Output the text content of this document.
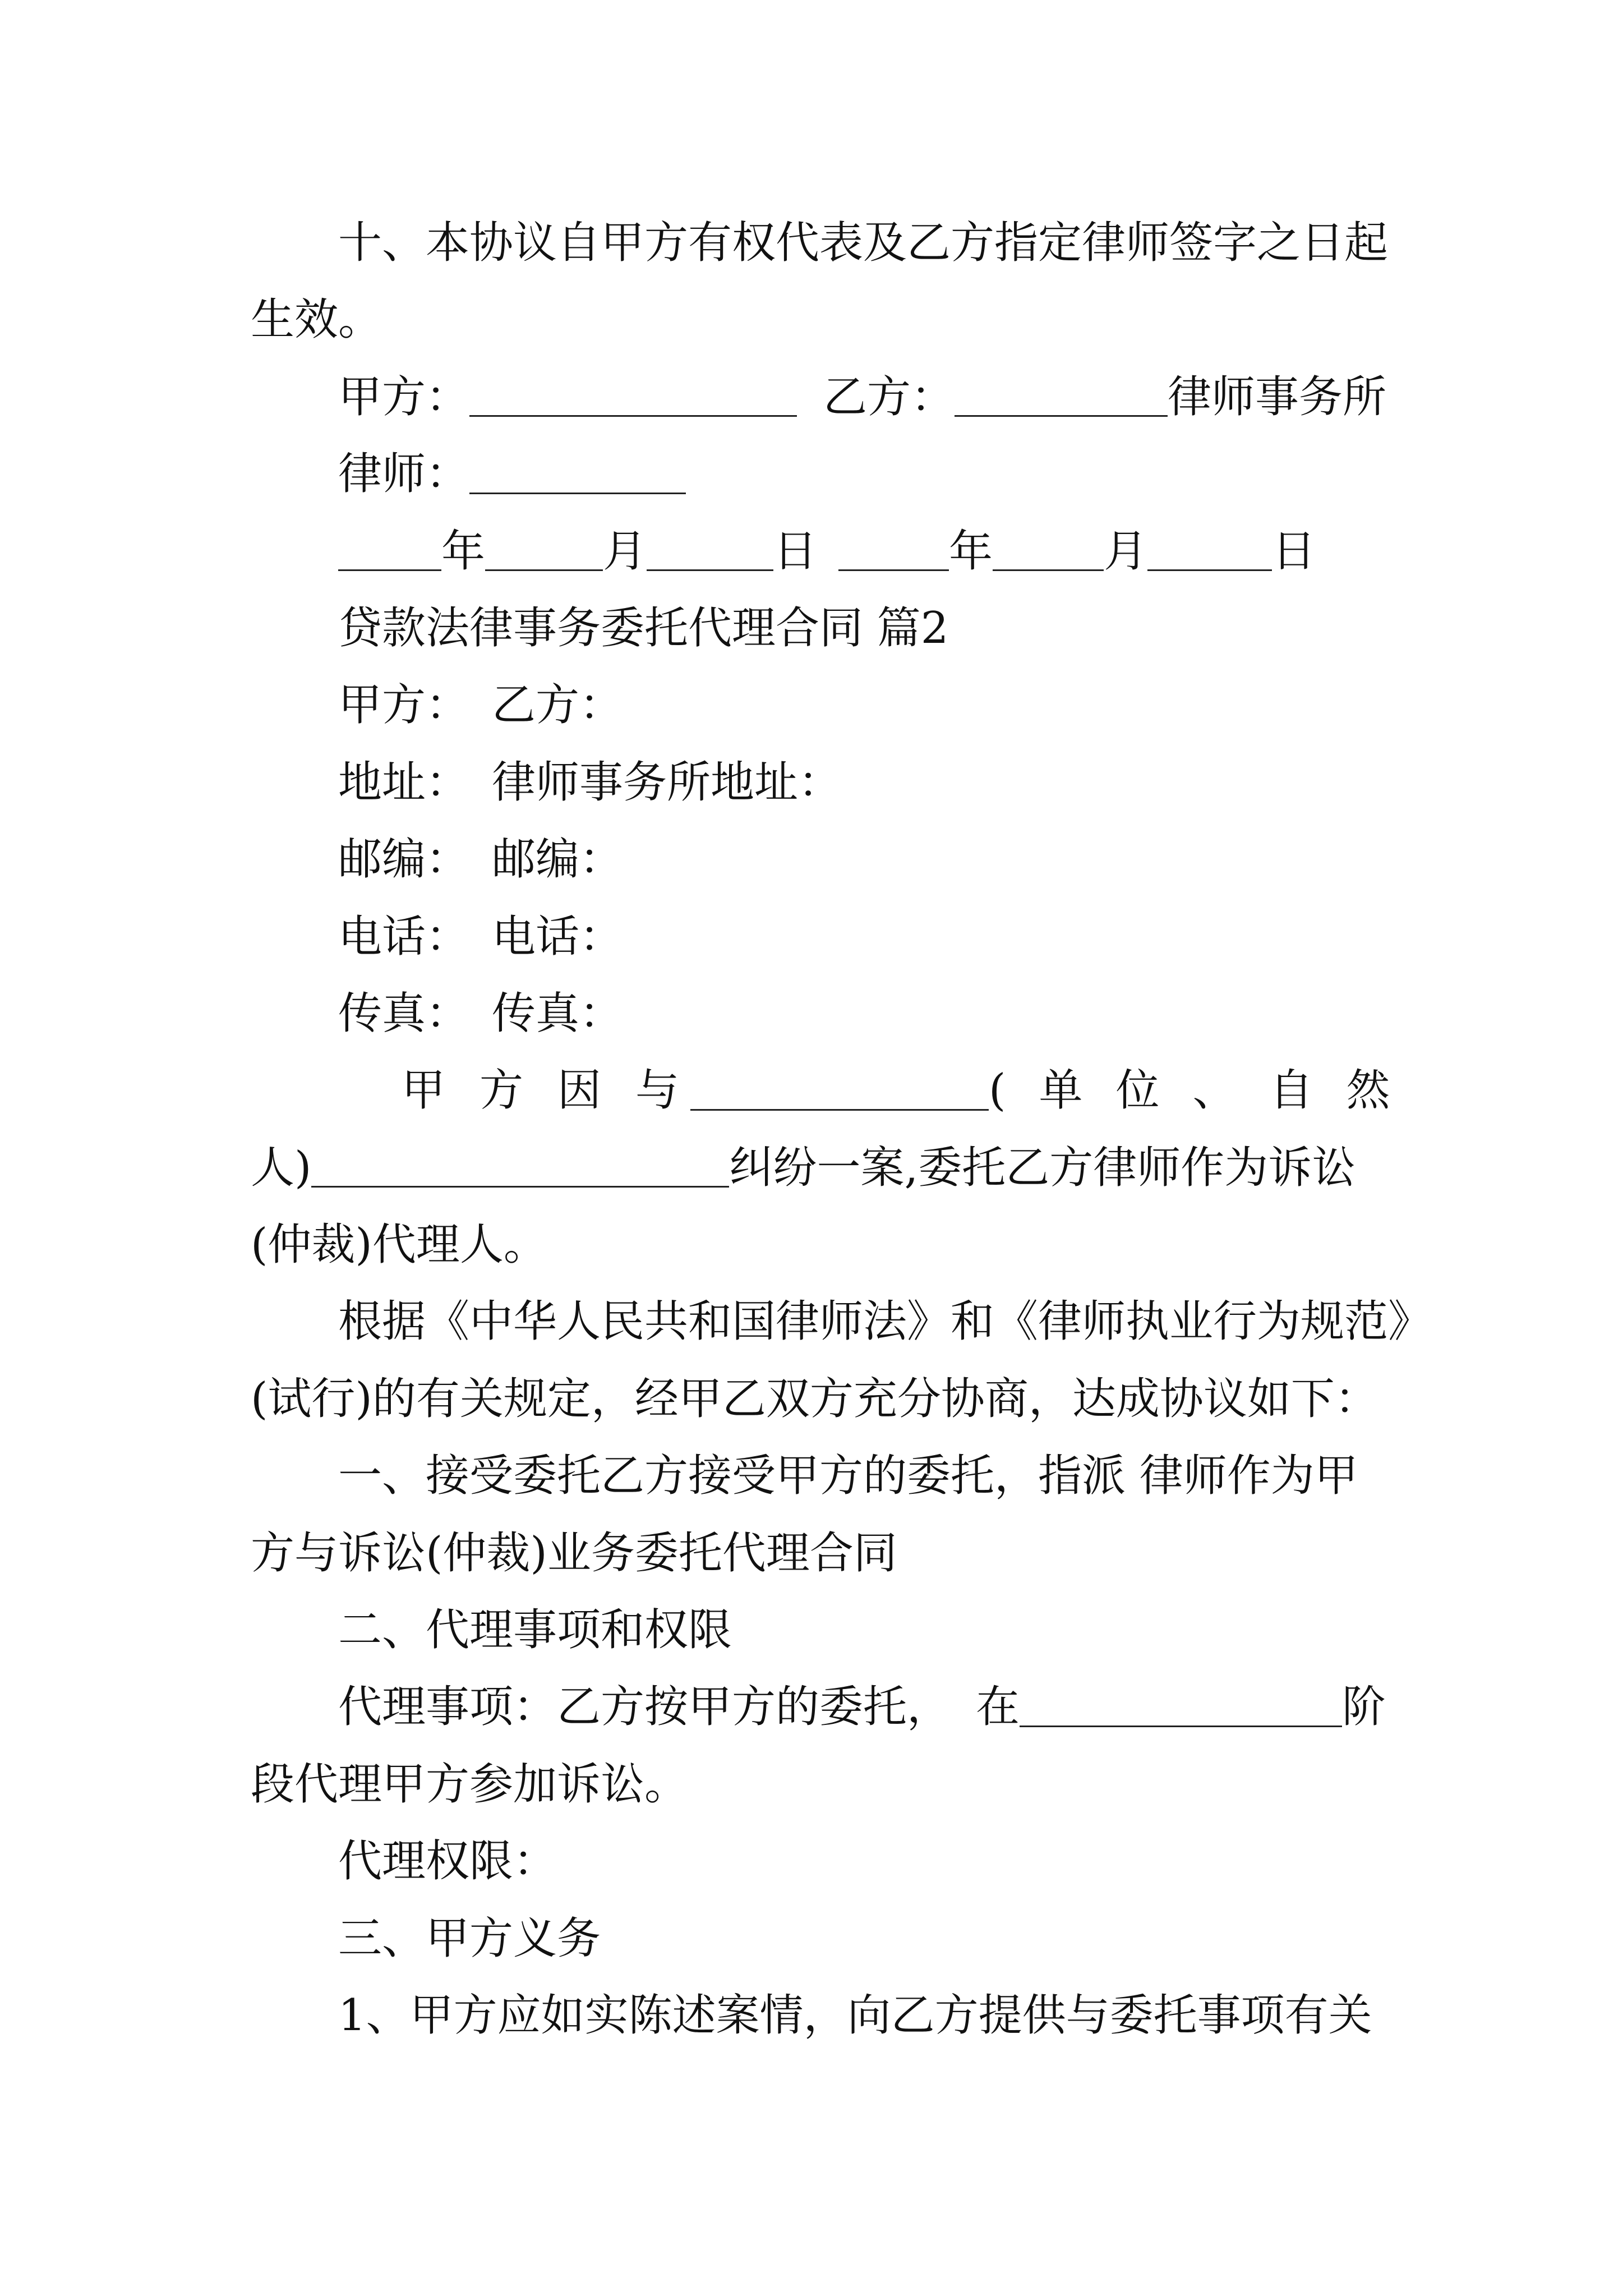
十、本协议自甲方有权代表及乙方指定律师签字之日起
生效。
甲方：	乙方：	律师事务所
律师：
年	月	日	年	月	日
贷款法律事务委托代理合同 篇2
甲方： 乙方：
地址： 律师事务所地址：
邮编： 邮编：
电话： 电话：
传真： 传真：
甲方因与	(单位、自然
人)	纠纷一案,委托乙方律师作为诉讼
(仲裁)代理人。
根据《中华人民共和国律师法》和《律师执业行为规范》
(试行)的有关规定，经甲乙双方充分协商，达成协议如下：
一、接受委托乙方接受甲方的委托，指派 律师作为甲
方与诉讼(仲裁)业务委托代理合同
二、代理事项和权限
代理事项：乙方按甲方的委托， 在	阶
段代理甲方参加诉讼。
代理权限：
三、甲方义务
1、甲方应如实陈述案情，向乙方提供与委托事项有关
